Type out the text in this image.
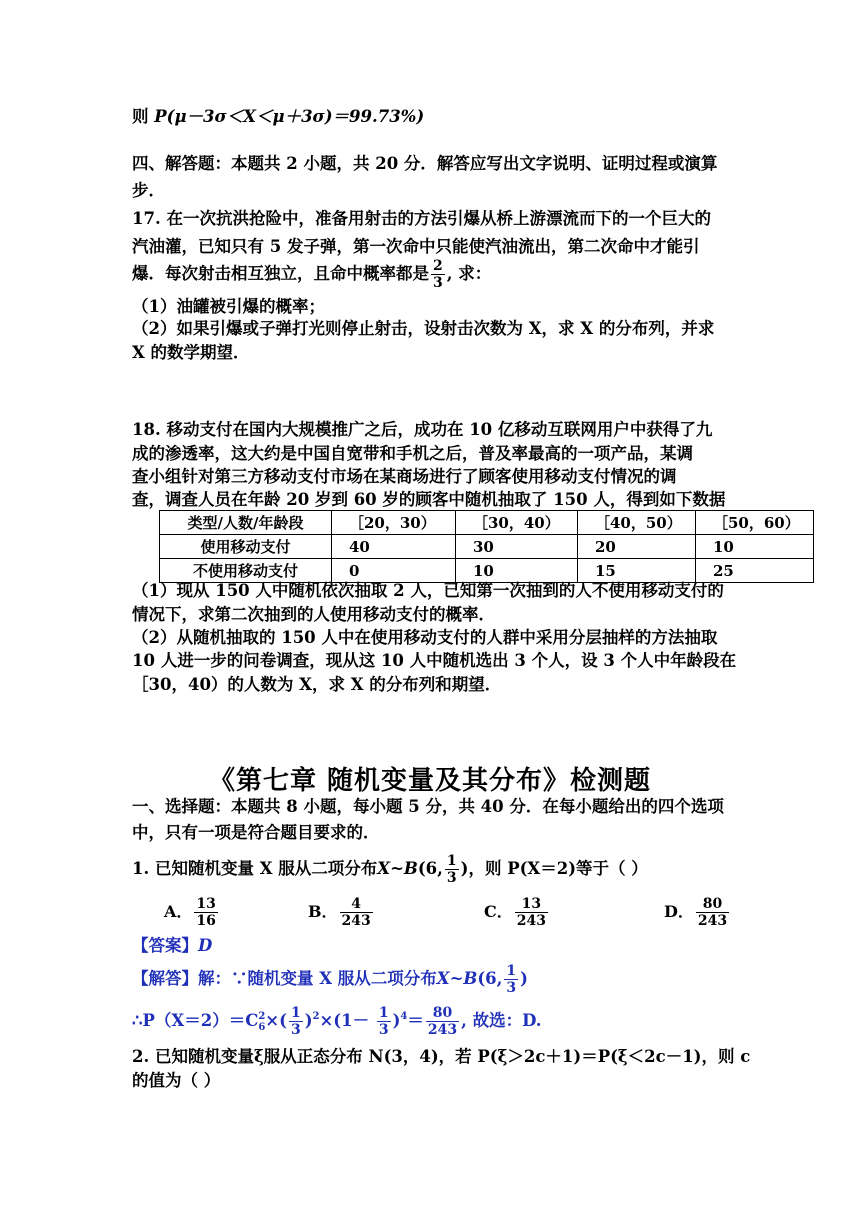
则 P(μ－3σ＜X＜μ＋3σ)＝99.73%)
四、解答题：本题共 2 小题，共 20 分．解答应写出文字说明、证明过程或演算
步．
17. 在一次抗洪抢险中，准备用射击的方法引爆从桥上游漂流而下的一个巨大的
汽油灌，已知只有 5 发子弹，第一次命中只能使汽油流出，第二次命中才能引
爆．每次射击相互独立，且命中概率都是 $\frac{2}{3}$ , 求：
（1）油罐被引爆的概率；
（2）如果引爆或子弹打光则停止射击，设射击次数为 X，求 X 的分布列，并求
X 的数学期望．
18. 移动支付在国内大规模推广之后，成功在 10 亿移动互联网用户中获得了九
成的渗透率，这大约是中国自宽带和手机之后，普及率最高的一项产品，某调
查小组针对第三方移动支付市场在某商场进行了顾客使用移动支付情况的调
查，调查人员在年龄 20 岁到 60 岁的顾客中随机抽取了 150 人，得到如下数据
类型/人数/年龄段	［20，30）	［30，40）	［40，50）	［50，60）
使用移动支付	40	30	20	10
不使用移动支付	0	10	15	25
（1）现从 150 人中随机依次抽取 2 人，已知第一次抽到的人不使用移动支付的
情况下，求第二次抽到的人使用移动支付的概率．
（2）从随机抽取的 150 人中在使用移动支付的人群中采用分层抽样的方法抽取
10 人进一步的问卷调查，现从这 10 人中随机选出 3 个人，设 3 个人中年龄段在
［30，40）的人数为 X，求 X 的分布列和期望．
《第七章 随机变量及其分布》检测题
一、选择题：本题共 8 小题，每小题 5 分，共 40 分．在每小题给出的四个选项
中，只有一项是符合题目要求的．
1. 已知随机变量 X 服从二项分布X~B(6, $\frac{1}{3}$ )，则 P(X＝2)等于（ ）
A． $\frac{13}{16}$	B． $\frac{4}{243}$	C． $\frac{13}{243}$	D． $\frac{80}{243}$
【答案】D
【解答】解：∵随机变量 X 服从二项分布X~B(6, $\frac{1}{3}$ )
∴P（X＝2）＝C 2
6 ×( $\frac{1}{3} )^2\times(1- \frac{1}{3} )^4= \frac{80}{243}$ , 故选：D.
2. 已知随机变量ξ服从正态分布 N(3，4)，若 P(ξ＞2c＋1)＝P(ξ＜2c－1)，则 c
的值为（ ）
